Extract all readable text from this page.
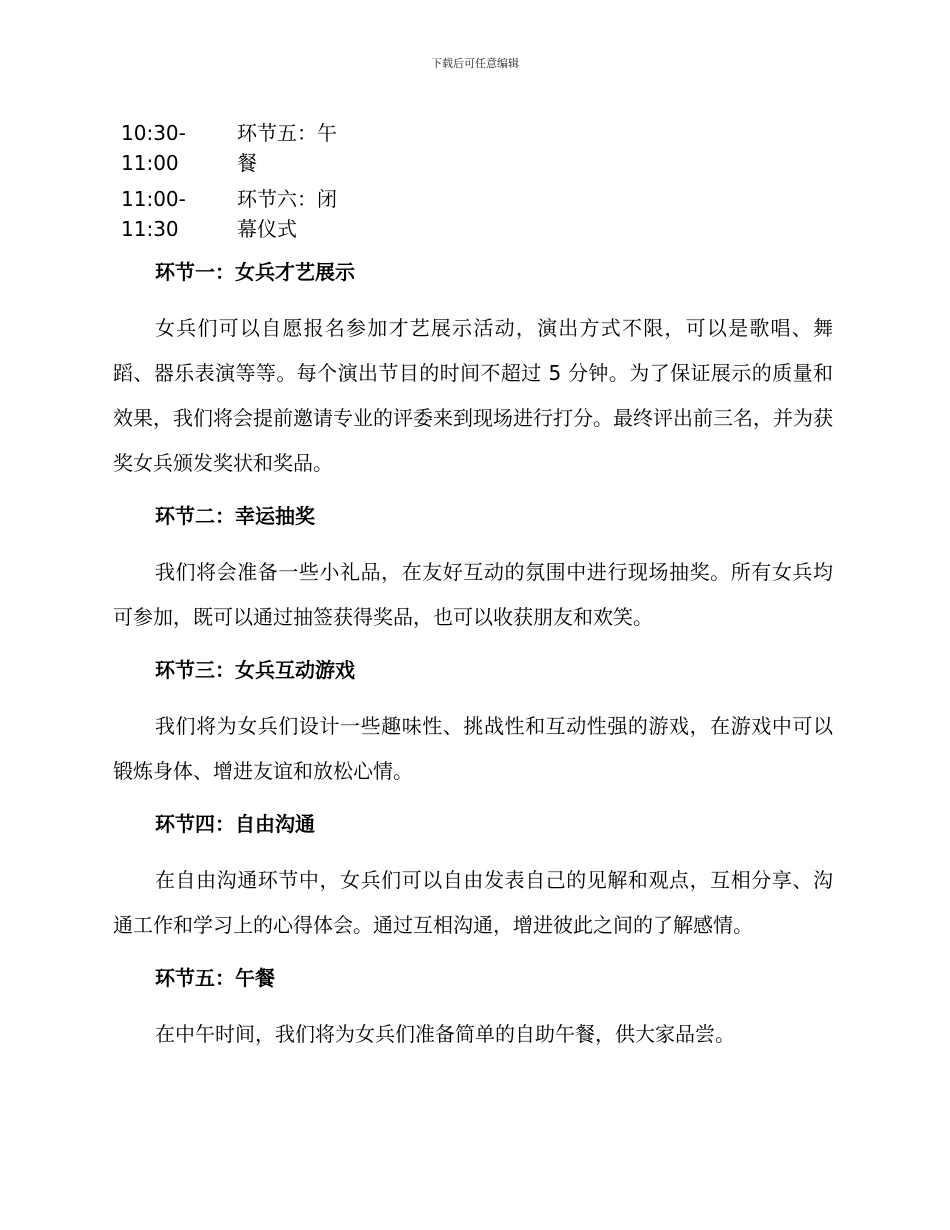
下载后可任意编辑
10:30-
11:00
环节五：午
餐
11:00-
11:30
环节六：闭
幕仪式
环节一：女兵才艺展示
女兵们可以自愿报名参加才艺展示活动，演出方式不限，可以是歌唱、舞蹈、器乐表演等等。每个演出节目的时间不超过 5 分钟。为了保证展示的质量和效果，我们将会提前邀请专业的评委来到现场进行打分。最终评出前三名，并为获奖女兵颁发奖状和奖品。
环节二：幸运抽奖
我们将会准备一些小礼品，在友好互动的氛围中进行现场抽奖。所有女兵均可参加，既可以通过抽签获得奖品，也可以收获朋友和欢笑。
环节三：女兵互动游戏
我们将为女兵们设计一些趣味性、挑战性和互动性强的游戏，在游戏中可以锻炼身体、增进友谊和放松心情。
环节四：自由沟通
在自由沟通环节中，女兵们可以自由发表自己的见解和观点，互相分享、沟通工作和学习上的心得体会。通过互相沟通，增进彼此之间的了解感情。
环节五：午餐
在中午时间，我们将为女兵们准备简单的自助午餐，供大家品尝。
